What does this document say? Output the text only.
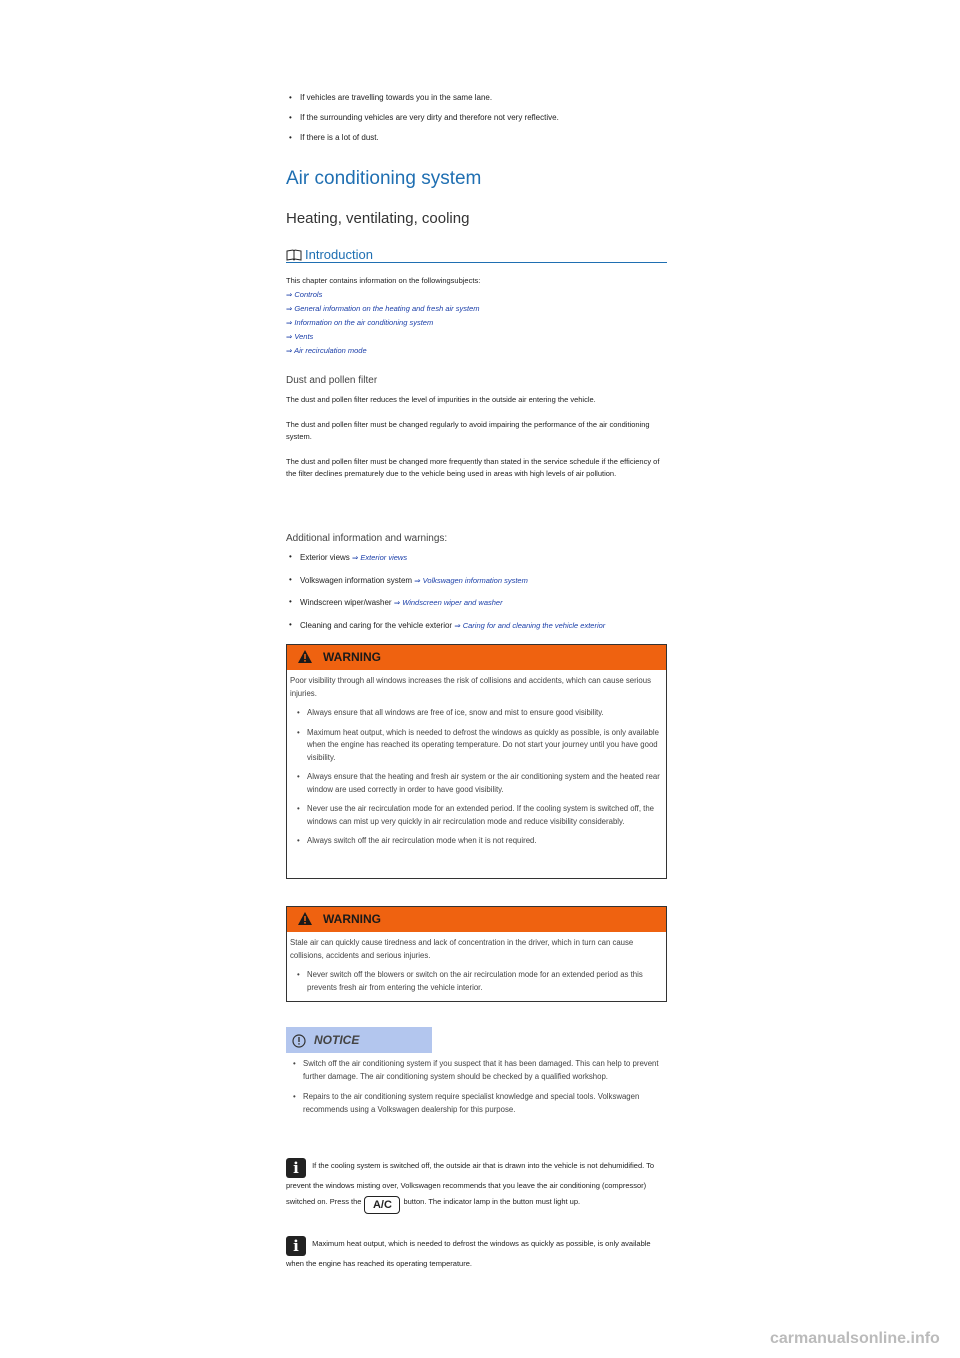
• If vehicles are travelling towards you in the same lane.
• If the surrounding vehicles are very dirty and therefore not very reflective.
• If there is a lot of dust.
Air conditioning system
Heating, ventilating, cooling
Introduction
This chapter contains information on the followingsubjects:
⇒ Controls
⇒ General information on the heating and fresh air system
⇒ Information on the air conditioning system
⇒ Vents
⇒ Air recirculation mode
Dust and pollen filter
The dust and pollen filter reduces the level of impurities in the outside air entering the vehicle.
The dust and pollen filter must be changed regularly to avoid impairing the performance of the air conditioning system.
The dust and pollen filter must be changed more frequently than stated in the service schedule if the efficiency of the filter declines prematurely due to the vehicle being used in areas with high levels of air pollution.
Additional information and warnings:
• Exterior views ⇒ Exterior views
• Volkswagen information system ⇒ Volkswagen information system
• Windscreen wiper/washer ⇒ Windscreen wiper and washer
• Cleaning and caring for the vehicle exterior ⇒ Caring for and cleaning the vehicle exterior
WARNING
Poor visibility through all windows increases the risk of collisions and accidents, which can cause serious injuries.
• Always ensure that all windows are free of ice, snow and mist to ensure good visibility.
• Maximum heat output, which is needed to defrost the windows as quickly as possible, is only available when the engine has reached its operating temperature. Do not start your journey until you have good visibility.
• Always ensure that the heating and fresh air system or the air conditioning system and the heated rear window are used correctly in order to have good visibility.
• Never use the air recirculation mode for an extended period. If the cooling system is switched off, the windows can mist up very quickly in air recirculation mode and reduce visibility considerably.
• Always switch off the air recirculation mode when it is not required.
WARNING
Stale air can quickly cause tiredness and lack of concentration in the driver, which in turn can cause collisions, accidents and serious injuries.
• Never switch off the blowers or switch on the air recirculation mode for an extended period as this prevents fresh air from entering the vehicle interior.
NOTICE
• Switch off the air conditioning system if you suspect that it has been damaged. This can help to prevent further damage. The air conditioning system should be checked by a qualified workshop.
• Repairs to the air conditioning system require specialist knowledge and special tools. Volkswagen recommends using a Volkswagen dealership for this purpose.
i If the cooling system is switched off, the outside air that is drawn into the vehicle is not dehumidified. To prevent the windows misting over, Volkswagen recommends that you leave the air conditioning (compressor) switched on. Press the A/C button. The indicator lamp in the button must light up.
i Maximum heat output, which is needed to defrost the windows as quickly as possible, is only available when the engine has reached its operating temperature.
carmanualsonline.info
